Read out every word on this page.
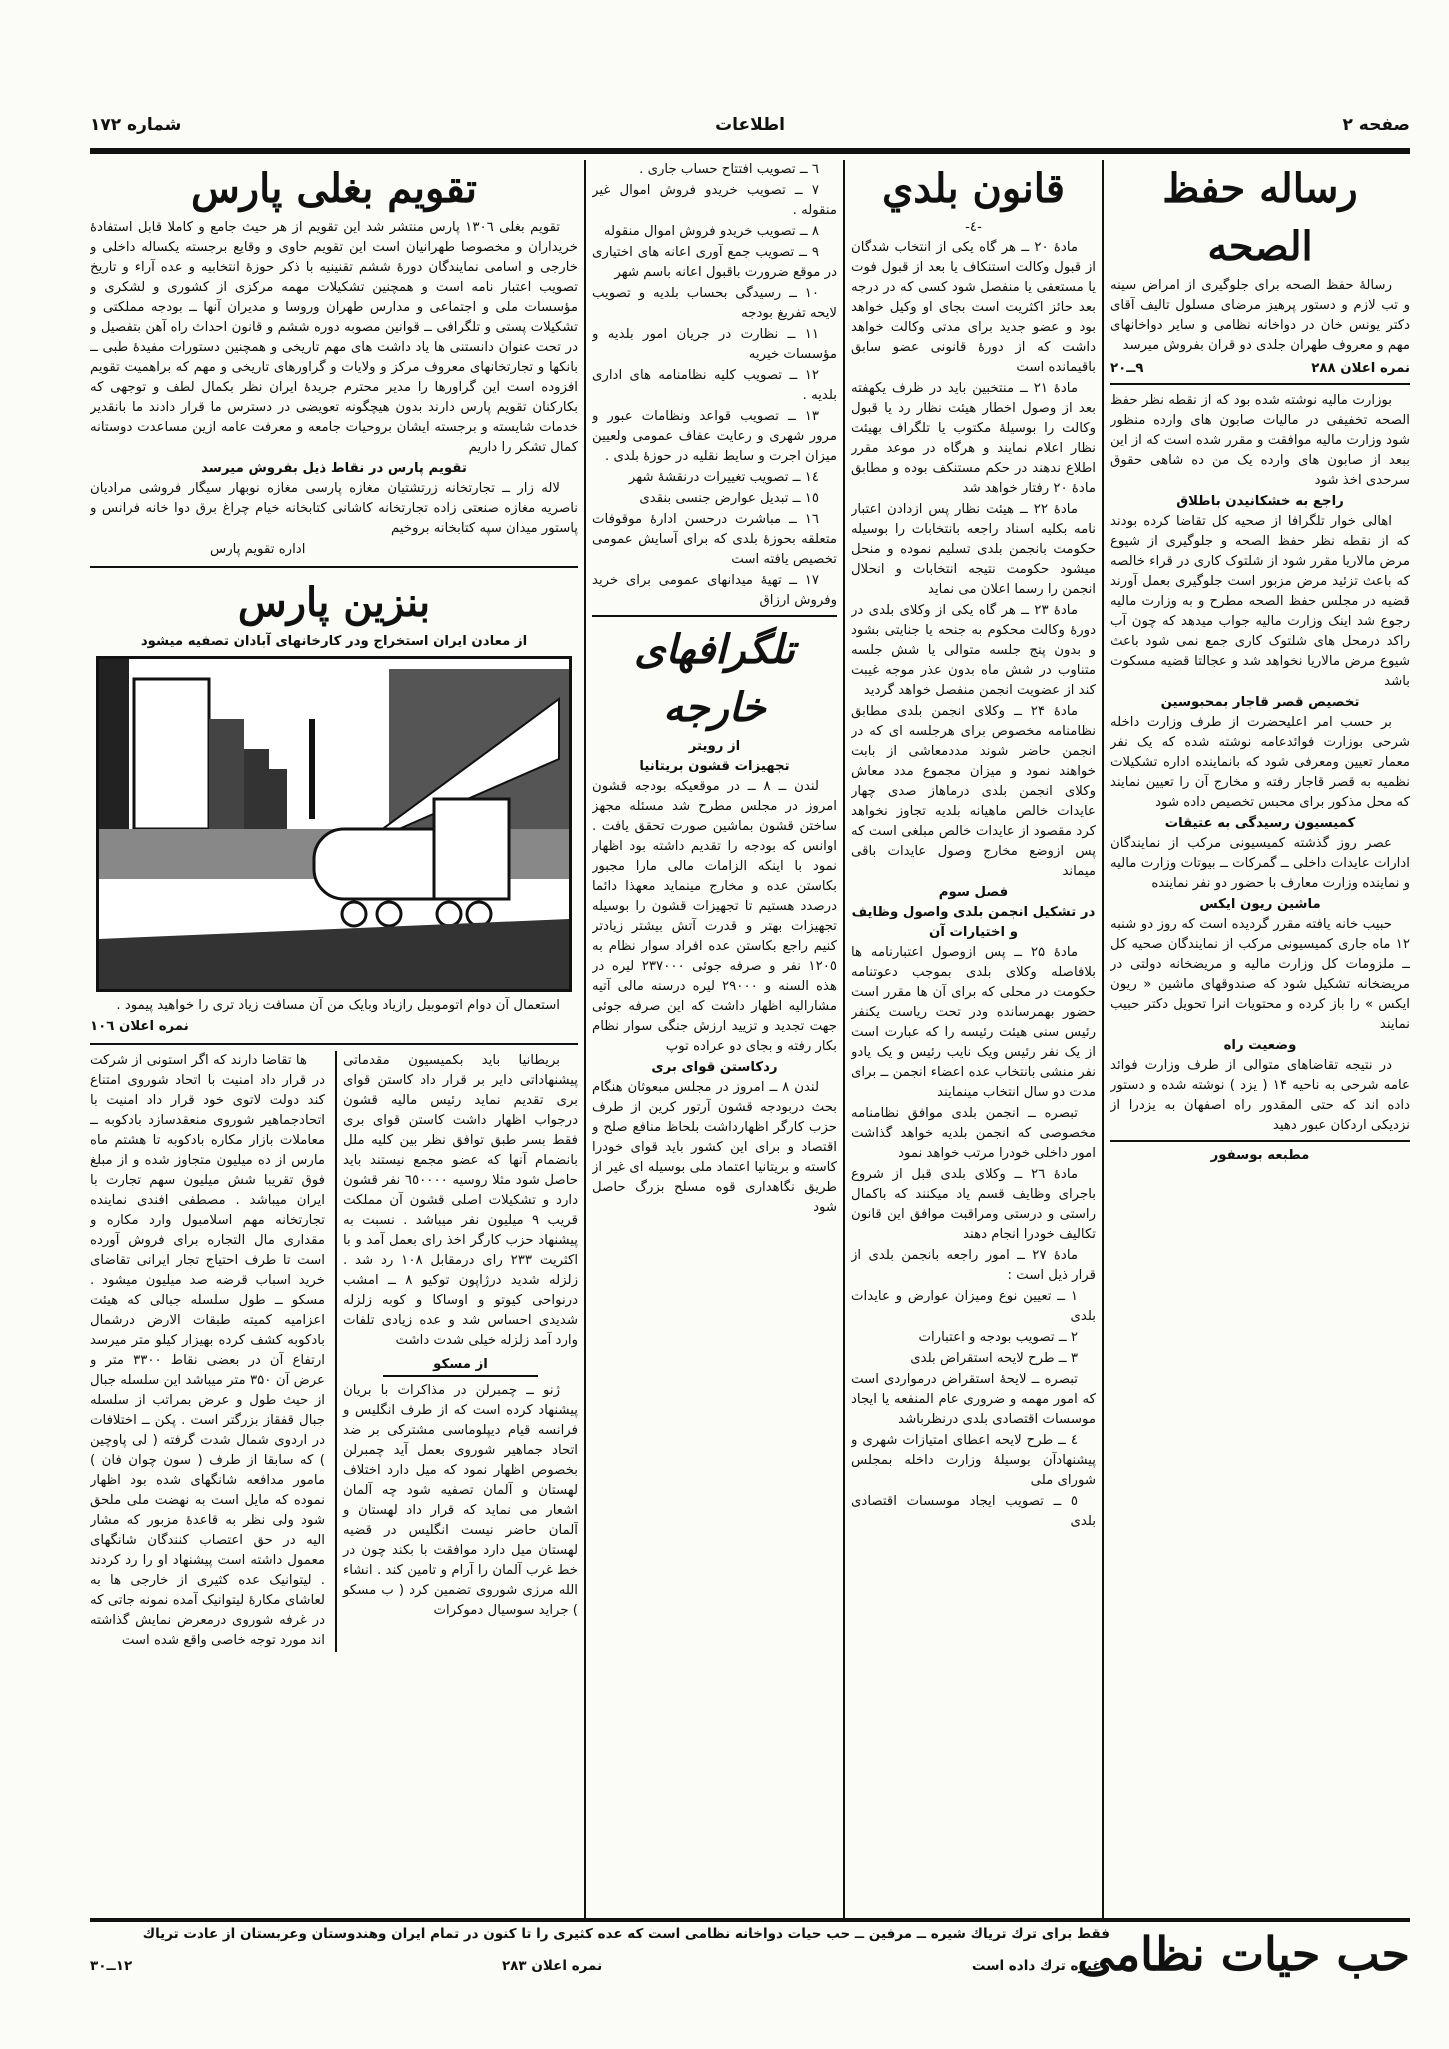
صفحه ۲
اطلاعات
شماره ۱۷۲
رساله حفظ الصحه

رسالهٔ حفظ الصحه برای جلوگیری از امراض سینه و تب لازم و دستور پرهیز مرضای مسلول تالیف آقای دکتر یونس خان در دواخانه نظامی و سایر دواخانهای مهم و معروف طهران جلدی دو قران بفروش میرسد

نمره اعلان ۲۸۸
۹ــ۲۰

بوزارت مالیه نوشته شده بود که از نقطه نظر حفظ الصحه تخفیفی در مالیات صابون های وارده منظور شود وزارت مالیه موافقت و مقرر شده است که از این ببعد از صابون های وارده یک من ده شاهی حقوق سرحدی اخذ شود

راجع به خشکانیدن باطلاق

اهالی خوار تلگرافا از صحیه کل تقاضا کرده بودند که از نقطه نظر حفظ الصحه و جلوگیری از شیوع مرض مالاریا مقرر شود از شلتوک کاری در قراء خالصه که باعث تزئید مرض مزبور است جلوگیری بعمل آورند قضیه در مجلس حفظ الصحه مطرح و به وزارت مالیه رجوع شد اینک وزارت مالیه جواب میدهد که چون آب راکد درمحل های شلتوک کاری جمع نمی شود باعث شیوع مرض مالاریا نخواهد شد و عجالتا قضیه مسکوت باشد

تخصیص قصر قاجار بمحبوسین

بر حسب امر اعلیحضرت از طرف وزارت داخله شرحی بوزارت فوائدعامه نوشته شده که یک نفر معمار تعیین ومعرفی شود که بانماینده اداره تشکیلات نظمیه به قصر قاجار رفته و مخارج آن را تعیین نمایند که محل مذکور برای محبس تخصیص داده شود

کمیسیون رسیدگی به عتیقات

عصر روز گذشته کمیسیونی مرکب از نمایندگان ادارات عایدات داخلی ــ گمرکات ــ بیوتات وزارت مالیه و نماینده وزارت معارف با حضور دو نفر نماینده

ماشین ریون ایکس

حبیب خانه یافته مقرر گردیده است که روز دو شنبه ۱۲ ماه جاری کمیسیونی مرکب از نمایندگان صحیه کل ــ ملزومات کل وزارت مالیه و مریضخانه دولتی در مریضخانه تشکیل شود که صندوقهای ماشین « ریون ایکس » را باز کرده و محتویات انرا تحویل دکتر حبیب نمایند

وضعیت راه

در نتیجه تقاضاهای متوالی از طرف وزارت فوائد عامه شرحی به ناحیه ۱۴ ( یزد ) نوشته شده و دستور داده اند که حتی المقدور راه اصفهان به یزدرا از نزدیکی اردکان عبور دهید

مطبعه بوسفور
قانون بلدي
-٤-

مادهٔ ۲۰ ــ هر گاه یکی از انتخاب شدگان از قبول وکالت استنکاف یا بعد از قبول فوت یا مستعفی یا منفصل شود کسی که در درجه بعد حائز اکثریت است بجای او وکیل خواهد بود و عضو جدید برای مدتی وکالت خواهد داشت که از دورهٔ قانونی عضو سابق باقیمانده است

مادهٔ ۲۱ ــ منتخبین باید در ظرف یکهفته بعد از وصول اخطار هیئت نظار رد یا قبول وکالت را بوسیلهٔ مکتوب یا تلگراف بهیئت نظار اعلام نمایند و هرگاه در موعد مقرر اطلاع ندهند در حکم مستنکف بوده و مطابق مادهٔ ۲۰ رفتار خواهد شد

مادهٔ ۲۲ ــ هیئت نظار پس ازدادن اعتبار نامه بکلیه اسناد راجعه بانتخابات را بوسیله حکومت بانجمن بلدی تسلیم نموده و منحل میشود حکومت نتیجه انتخابات و انحلال انجمن را رسما اعلان می نماید

مادهٔ ۲۳ ــ هر گاه یکی از وکلای بلدی در دورهٔ وکالت محکوم به جنحه یا جنایتی بشود و بدون پنج جلسه متوالی یا شش جلسه متناوب در شش ماه بدون عذر موجه غیبت کند از عضویت انجمن منفصل خواهد گردید

مادهٔ ۲۴ ــ وکلای انجمن بلدی مطابق نظامنامه مخصوص برای هرجلسه ای که در انجمن حاضر شوند مددمعاشی از بابت خواهند نمود و میزان مجموع مدد معاش وکلای انجمن بلدی درماهاز صدی چهار عایدات خالص ماهیانه بلدیه تجاوز نخواهد کرد مقصود از عایدات خالص مبلغی است که پس ازوضع مخارج وصول عایدات باقی میماند

فصل سوم
در تشکیل انجمن بلدی واصول وظایف و اختیارات آن

مادهٔ ۲۵ ــ پس ازوصول اعتبارنامه ها بلافاصله وکلای بلدی بموجب دعوتنامه حکومت در محلی که برای آن ها مقرر است حضور بهمرسانده ودر تحت ریاست یکنفر رئیس سنی هیئت رئیسه را که عبارت است از یک نفر رئیس ویک نایب رئیس و یک یادو نفر منشی بانتخاب عده اعضاء انجمن ــ برای مدت دو سال انتخاب مینمایند

تبصره ــ انجمن بلدی موافق نظامنامه مخصوصی که انجمن بلدیه خواهد گذاشت امور داخلی خودرا مرتب خواهد نمود

مادهٔ ۲٦ ــ وکلای بلدی قبل از شروع باجرای وظایف قسم یاد میکنند که باکمال راستی و درستی ومراقبت موافق این قانون تکالیف خودرا انجام دهند

مادهٔ ۲۷ ــ امور راجعه بانجمن بلدی از قرار ذیل است :

۱ ــ تعیین نوع ومیزان عوارض و عایدات بلدی

۲ ــ تصویب بودجه و اعتبارات

۳ ــ طرح لایحه استقراض بلدی

تبصره ــ لایحهٔ استقراض درمواردی است که امور مهمه و ضروری عام المنفعه یا ایجاد موسسات اقتصادی بلدی درنظرباشد

٤ ــ طرح لایحه اعطای امتیازات شهری و پیشنهادآن بوسیلهٔ وزارت داخله بمجلس شورای ملی

٥ ــ تصویب ایجاد موسسات اقتصادی بلدی

٦ ــ تصویب افتتاح حساب جاری .

۷ ــ تصویب خریدو فروش اموال غیر منقوله .

۸ ــ تصویب خریدو فروش اموال منقوله

۹ ــ تصویب جمع آوری اعانه های اختیاری در موقع ضرورت باقبول اعانه باسم شهر

۱۰ ــ رسیدگی بحساب بلدیه و تصویب لایحه تفریغ بودجه

۱۱ ــ نظارت در جریان امور بلدیه و مؤسسات خیریه

۱۲ ــ تصویب کلیه نظامنامه های اداری بلدیه .

۱۳ ــ تصویب قواعد ونظامات عبور و مرور شهری و رعایت عفاف عمومی ولعیین میزان اجرت و سایط نقلیه در حوزهٔ بلدی .

۱٤ ــ تصویب تغییرات درنقشهٔ شهر

۱٥ ــ تبدیل عوارض جنسی بنقدی

۱٦ ــ مباشرت درحسن ادارهٔ موقوفات متعلقه بحوزهٔ بلدی که برای آسایش عمومی تخصیص یافته است

۱۷ ــ تهیهٔ میدانهای عمومی برای خرید وفروش ارزاق

تلگرافهای خارجه
از رویتر
تجهیزات قشون بریتانیا

لندن ــ ۸ ــ در موقعیکه بودجه قشون امروز در مجلس مطرح شد مسئله مجهز ساختن قشون بماشین صورت تحقق یافت . اوانس که بودجه را تقدیم داشته بود اظهار نمود با اینکه الزامات مالی مارا مجبور بکاستن عده و مخارج مینماید معهذا دائما درصدد هستیم تا تجهیزات قشون را بوسیله تجهیزات بهتر و قدرت آتش بیشتر زیادتر کنیم راجع بکاستن عده افراد سوار نظام به ۱۲۰٥ نفر و صرفه جوئی ۲۳۷۰۰۰ لیره در هذه السنه و ۲۹۰۰۰ لیره درسنه مالی آتیه مشارالیه اظهار داشت که این صرفه جوئی جهت تجدید و تزیید ارزش جنگی سوار نظام بکار رفته و بجای دو عراده توپ

ردکاستن قوای بری

لندن ۸ ــ امروز در مجلس مبعوثان هنگام بحث دربودجه قشون آرتور کرین از طرف حزب کارگر اظهارداشت بلحاظ منافع صلح و اقتصاد و برای این کشور باید قوای خودرا کاسته و بریتانیا اعتماد ملی بوسیله ای غیر از طریق نگاهداری قوه مسلح بزرگ حاصل شود

تقویم بغلی پارس

تقویم بغلی ۱۳۰٦ پارس منتشر شد این تقویم از هر حیث جامع و کاملا قابل استفادهٔ خریداران و مخصوصا طهرانیان است این تقویم حاوی و وقایع برجسته یکساله داخلی و خارجی و اسامی نمایندگان دورهٔ ششم تقنینیه با ذکر حوزهٔ انتخابیه و عده آراء و تاریخ تصویب اعتبار نامه است و همچنین تشکیلات مهمه مرکزی از کشوری و لشکری و مؤسسات ملی و اجتماعی و مدارس طهران وروسا و مدیران آنها ــ بودجه مملکتی و تشکیلات پستی و تلگرافی ــ قوانین مصوبه دوره ششم و قانون احداث راه آهن بتفصیل و در تحت عنوان دانستنی ها یاد داشت های مهم تاریخی و همچنین دستورات مفیدهٔ طبی ــ بانکها و تجارتخانهای معروف مرکز و ولایات و گراورهای تاریخی و مهم که براهمیت تقویم افزوده است این گراورها را مدیر محترم جریدهٔ ایران نظر بکمال لطف و توجهی که بکارکنان تقویم پارس دارند بدون هیچگونه تعویضی در دسترس ما قرار دادند ما بانقدیر خدمات شایسته و برجسته ایشان بروحیات جامعه و معرفت عامه ازین مساعدت دوستانه کمال تشکر را داریم

تقویم پارس در نقاط ذیل بفروش میرسد

لاله زار ــ تجارتخانه زرتشتیان مغازه پارسی مغازه نوبهار سیگار فروشی مرادیان ناصریه مغازه صنعتی زاده تجارتخانه کاشانی کتابخانه خیام چراغ برق دوا خانه فرانس و پاستور میدان سپه کتابخانه بروخیم

اداره تقویم پارس
بنزین پارس
از معادن ایران استخراج ودر کارخانهای آبادان تصفیه میشود

استعمال آن دوام اتوموبیل رازیاد وبایک من آن مسافت زیاد تری را خواهید پیمود .

نمره اعلان ۱۰٦

بریطانیا باید بکمیسیون مقدماتی پیشنهاداتی دایر بر قرار داد کاستن قوای بری تقدیم نماید رئیس مالیه قشون درجواب اظهار داشت کاستن قوای بری فقط بسر طبق توافق نظر بین کلیه ملل بانضمام آنها که عضو مجمع نیستند باید حاصل شود مثلا روسیه ٦٥۰۰۰۰ نفر قشون دارد و تشکیلات اصلی قشون آن مملکت قریب ۹ میلیون نفر میباشد . نسبت به پیشنهاد حزب کارگر اخذ رای بعمل آمد و با اکثریت ۲۳۳ رای درمقابل ۱۰۸ رد شد . زلزله شدید درژاپون توکیو ۸ ــ امشب درنواحی کیوتو و اوساکا و کوبه زلزله شدیدی احساس شد و عده زیادی تلفات وارد آمد زلزله خیلی شدت داشت

از مسکو

ژنو ــ چمبرلن در مذاکرات با بریان پیشنهاد کرده است که از طرف انگلیس و فرانسه قیام دیپلوماسی مشترکی بر ضد اتحاد جماهیر شوروی بعمل آید چمبرلن بخصوص اظهار نمود که میل دارد اختلاف لهستان و آلمان تصفیه شود چه آلمان اشعار می نماید که قرار داد لهستان و آلمان حاضر نیست انگلیس در قضیه لهستان میل دارد موافقت با بکند چون در خط غرب آلمان را آرام و تامین کند . انشاء الله مرزی شوروی تضمین کرد ( ب مسکو ) جراید سوسیال دموکرات

ها تقاضا دارند که اگر استونی از شرکت در قرار داد امنیت با اتحاد شوروی امتناع کند دولت لاتوی خود قرار داد امنیت با اتحادجماهیر شوروی منعقدسازد بادکوبه ــ معاملات بازار مکاره بادکوبه تا هشتم ماه مارس از ده میلیون متجاوز شده و از مبلغ فوق تقریبا شش میلیون سهم تجارت با ایران میباشد . مصطفی افندی نماینده تجارتخانه مهم اسلامبول وارد مکاره و مقداری مال التجاره برای فروش آورده است تا طرف احتیاج تجار ایرانی تقاضای خرید اسباب قرضه صد میلیون میشود . مسکو ــ طول سلسله جبالی که هیئت اعزامیه کمیته طبقات الارض درشمال بادکوبه کشف کرده بهیزار کیلو متر میرسد ارتفاع آن در بعضی نقاط ۳۳۰۰ متر و عرض آن ۳۵۰ متر میباشد این سلسله جبال از حیث طول و عرض بمراتب از سلسله جبال قفقاز بزرگتر است . پکن ــ اختلافات در اردوی شمال شدت گرفته ( لی پاوچین ) که سابقا از طرف ( سون چوان فان ) مامور مدافعه شانگهای شده بود اظهار نموده که مایل است به نهضت ملی ملحق شود ولی نظر به قاعدهٔ مزبور که مشار الیه در حق اعتصاب کنندگان شانگهای معمول داشته است پیشنهاد او را رد کردند . لیتوانیک عده کثیری از خارجی ها به لعاشای مکارهٔ لیتوانیک آمده نمونه جاتی که در غرفه شوروی درمعرض نمایش گذاشته اند مورد توجه خاصی واقع شده است

حب حیات نظامی
فقط برای ترك تریاك شیره ــ مرفین ــ حب حیات دواخانه نظامی است که عده کثیری را تا کنون در تمام ایران وهندوستان وعربستان از عادت تریاك
وغیره ترك داده است
نمره اعلان ۲۸۳
۱۲ــ۳۰
